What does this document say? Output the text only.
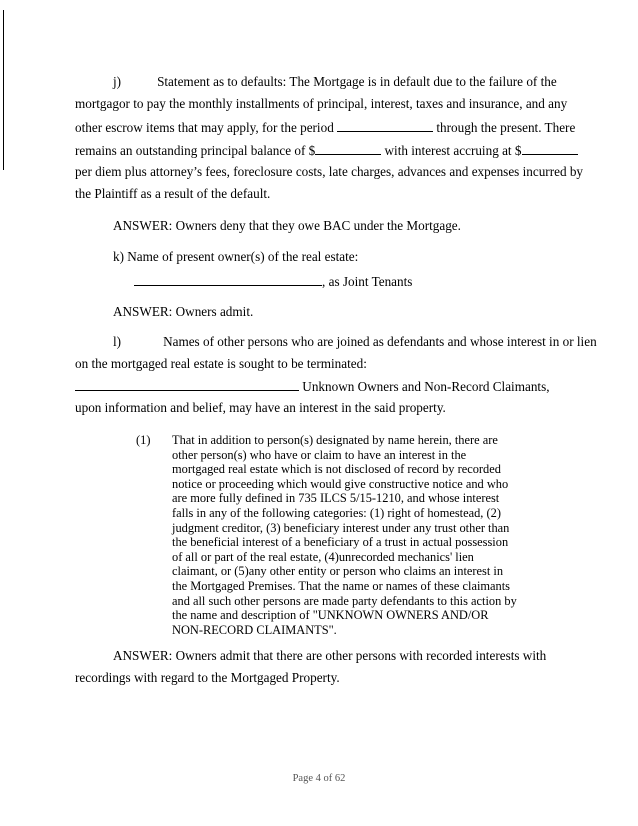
j)	Statement as to defaults: The Mortgage is in default due to the failure of the
mortgagor to pay the monthly installments of principal, interest, taxes and insurance, and any
other escrow items that may apply, for the period	through the present. There
remains an outstanding principal balance of $	with interest accruing at $
per diem plus attorney’s fees, foreclosure costs, late charges, advances and expenses incurred by
the Plaintiff as a result of the default.
ANSWER: Owners deny that they owe BAC under the Mortgage.
k) Name of present owner(s) of the real estate:
, as Joint Tenants
ANSWER: Owners admit.
l)	Names of other persons who are joined as defendants and whose interest in or lien
on the mortgaged real estate is sought to be terminated:
Unknown Owners and Non-Record Claimants,
upon information and belief, may have an interest in the said property.
(1) That in addition to person(s) designated by name herein, there are
other person(s) who have or claim to have an interest in the
mortgaged real estate which is not disclosed of record by recorded
notice or proceeding which would give constructive notice and who
are more fully defined in 735 ILCS 5/15-1210, and whose interest
falls in any of the following categories: (1) right of homestead, (2)
judgment creditor, (3) beneficiary interest under any trust other than
the beneficial interest of a beneficiary of a trust in actual possession
of all or part of the real estate, (4)unrecorded mechanics' lien
claimant, or (5)any other entity or person who claims an interest in
the Mortgaged Premises. That the name or names of these claimants
and all such other persons are made party defendants to this action by
the name and description of "UNKNOWN OWNERS AND/OR
NON-RECORD CLAIMANTS".
ANSWER: Owners admit that there are other persons with recorded interests with
recordings with regard to the Mortgaged Property.
Page 4 of 62
